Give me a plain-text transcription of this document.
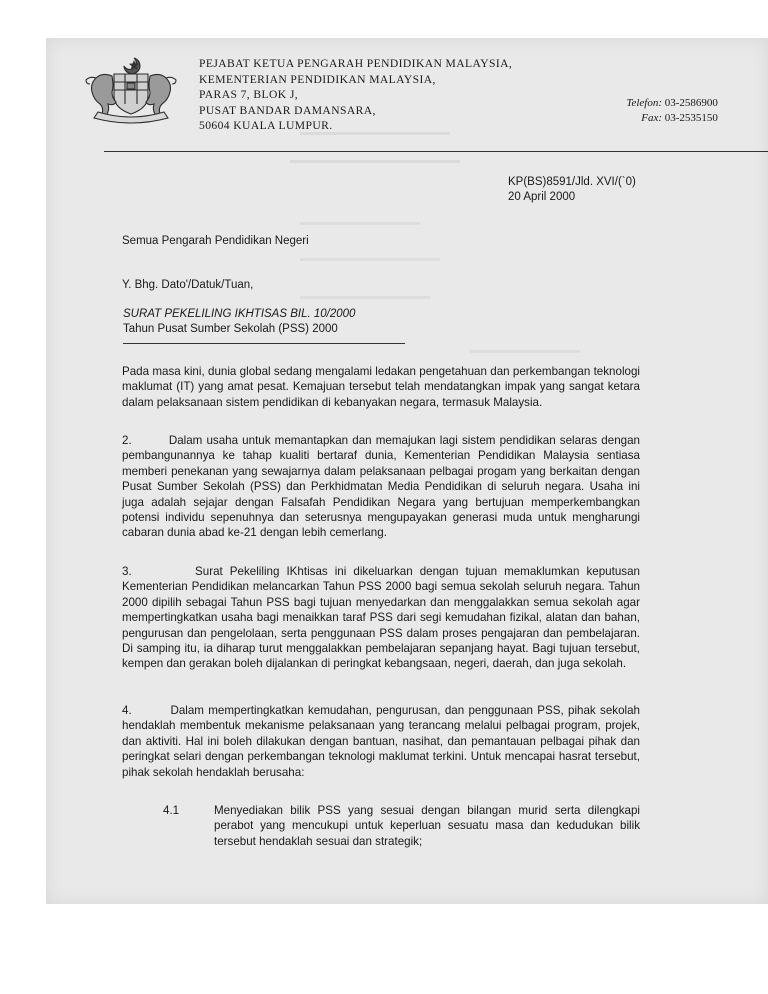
PEJABAT KETUA PENGARAH PENDIDIKAN MALAYSIA,
KEMENTERIAN PENDIDIKAN MALAYSIA,
PARAS 7, BLOK J,
PUSAT BANDAR DAMANSARA,
50604 KUALA LUMPUR.
Telefon: 03-2586900
Fax: 03-2535150
KP(BS)8591/Jld. XVI/(`0)
20 April 2000
Semua Pengarah Pendidikan Negeri
Y. Bhg. Dato'/Datuk/Tuan,
SURAT PEKELILING IKHTISAS BIL. 10/2000
Tahun Pusat Sumber Sekolah (PSS) 2000
Pada masa kini, dunia global sedang mengalami ledakan pengetahuan dan perkembangan teknologi maklumat (IT) yang amat pesat. Kemajuan tersebut telah mendatangkan impak yang sangat ketara dalam pelaksanaan sistem pendidikan di kebanyakan negara, termasuk Malaysia.
2.         Dalam usaha untuk memantapkan dan memajukan lagi sistem pendidikan selaras dengan pembangunannya ke tahap kualiti bertaraf dunia, Kementerian Pendidikan Malaysia sentiasa memberi penekanan yang sewajarnya dalam pelaksanaan pelbagai progam yang berkaitan dengan Pusat Sumber Sekolah (PSS) dan Perkhidmatan Media Pendidikan di seluruh negara. Usaha ini juga adalah sejajar dengan Falsafah Pendidikan Negara yang bertujuan memperkembangkan potensi individu sepenuhnya dan seterusnya mengupayakan generasi muda untuk mengharungi cabaran dunia abad ke-21 dengan lebih cemerlang.
3.         Surat Pekeliling IKhtisas ini dikeluarkan dengan tujuan memaklumkan keputusan Kementerian Pendidikan melancarkan Tahun PSS 2000 bagi semua sekolah seluruh negara. Tahun 2000 dipilih sebagai Tahun PSS bagi tujuan menyedarkan dan menggalakkan semua sekolah agar mempertingkatkan usaha bagi menaikkan taraf PSS dari segi kemudahan fizikal, alatan dan bahan, pengurusan dan pengelolaan, serta penggunaan PSS dalam proses pengajaran dan pembelajaran. Di samping itu, ia diharap turut menggalakkan pembelajaran sepanjang hayat. Bagi tujuan tersebut, kempen dan gerakan boleh dijalankan di peringkat kebangsaan, negeri, daerah, dan juga sekolah.
4.         Dalam mempertingkatkan kemudahan, pengurusan, dan penggunaan PSS, pihak sekolah hendaklah membentuk mekanisme pelaksanaan yang terancang melalui pelbagai program, projek, dan aktiviti. Hal ini boleh dilakukan dengan bantuan, nasihat, dan pemantauan pelbagai pihak dan peringkat selari dengan perkembangan teknologi maklumat terkini. Untuk mencapai hasrat tersebut, pihak sekolah hendaklah berusaha:
4.1	Menyediakan bilik PSS yang sesuai dengan bilangan murid serta dilengkapi perabot yang mencukupi untuk keperluan sesuatu masa dan kedudukan bilik tersebut hendaklah sesuai dan strategik;
